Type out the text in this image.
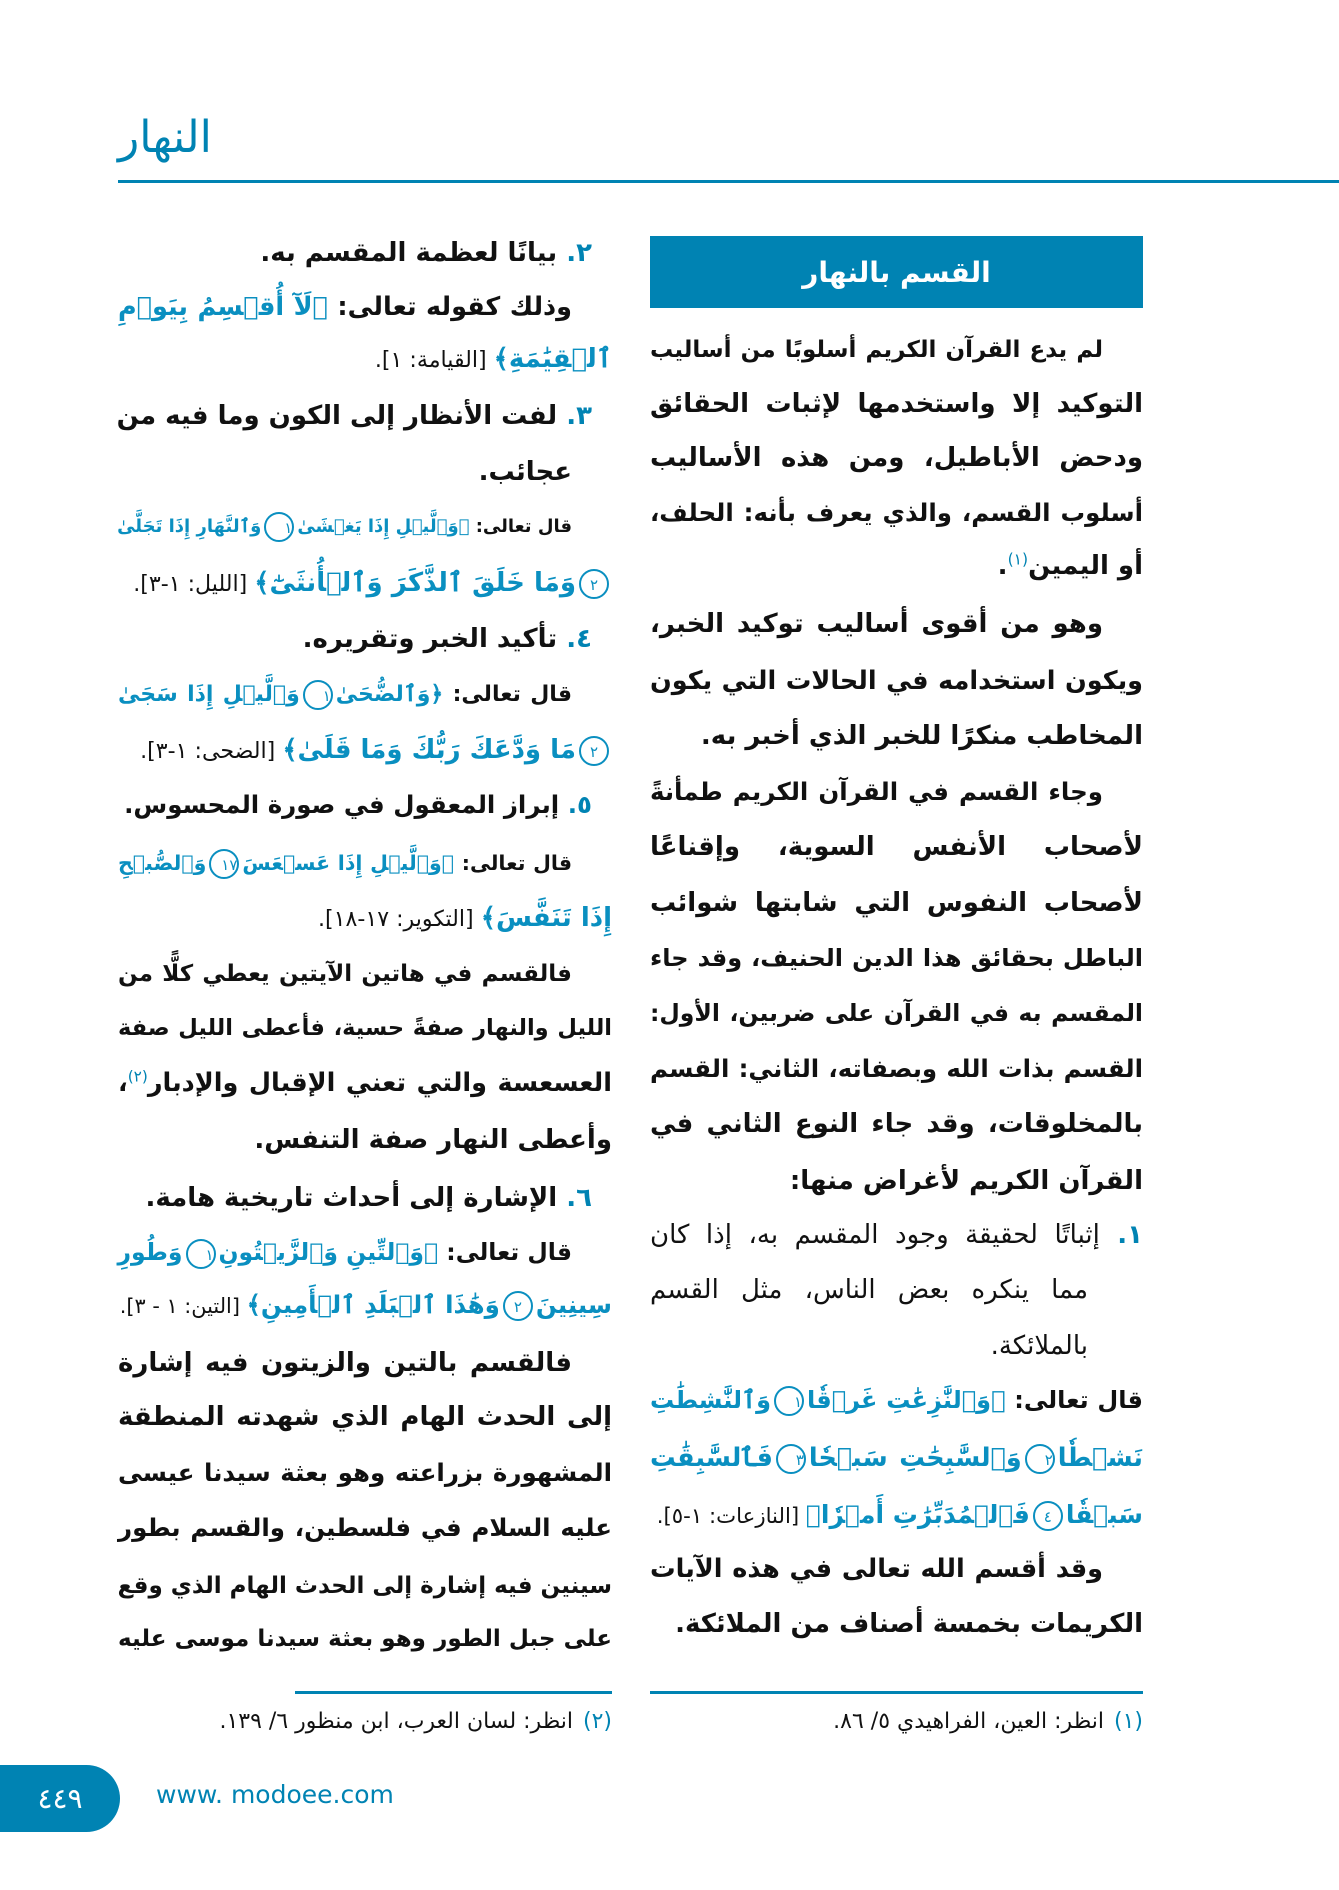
النهار
القسم بالنهار
لم يدع القرآن الكريم أسلوبًا من أساليب
التوكيد إلا واستخدمها لإثبات الحقائق
ودحض الأباطيل، ومن هذه الأساليب
أسلوب القسم، والذي يعرف بأنه: الحلف،
أو اليمين$^{(١)}$.
وهو من أقوى أساليب توكيد الخبر،
ويكون استخدامه في الحالات التي يكون
المخاطب منكرًا للخبر الذي أخبر به.
وجاء القسم في القرآن الكريم طمأنةً
لأصحاب الأنفس السوية، وإقناعًا
لأصحاب النفوس التي شابتها شوائب
الباطل بحقائق هذا الدين الحنيف، وقد جاء
المقسم به في القرآن على ضربين، الأول:
القسم بذات الله وبصفاته، الثاني: القسم
بالمخلوقات، وقد جاء النوع الثاني في
القرآن الكريم لأغراض منها:
١. إثباتًا لحقيقة وجود المقسم به، إذا كان
مما ينكره بعض الناس، مثل القسم
بالملائكة.
قال تعالى: ﴿وَٱلنَّٰزِعَٰتِ غَرۡقٗا١وَٱلنَّٰشِطَٰتِ
نَشۡطٗا٢وَٱلسَّٰبِحَٰتِ سَبۡحٗا٣فَٱلسَّٰبِقَٰتِ
سَبۡقٗا٤فَٱلۡمُدَبِّرَٰتِ أَمۡرٗا﴾ [النازعات: ١-٥].
وقد أقسم الله تعالى في هذه الآيات
الكريمات بخمسة أصناف من الملائكة.
٢. بيانًا لعظمة المقسم به.
وذلك كقوله تعالى: ﴿لَآ أُقۡسِمُ بِيَوۡمِ
ٱلۡقِيَٰمَةِ﴾ [القيامة: ١].
٣. لفت الأنظار إلى الكون وما فيه من
عجائب.
قال تعالى: ﴿وَٱلَّيۡلِ إِذَا يَغۡشَىٰ١وَٱلنَّهَارِ إِذَا تَجَلَّىٰ
٢وَمَا خَلَقَ ٱلذَّكَرَ وَٱلۡأُنثَىٰٓ﴾ [الليل: ١-٣].
٤. تأكيد الخبر وتقريره.
قال تعالى: ﴿وَٱلضُّحَىٰ١وَٱلَّيۡلِ إِذَا سَجَىٰ
٢مَا وَدَّعَكَ رَبُّكَ وَمَا قَلَىٰ﴾ [الضحى: ١-٣].
٥. إبراز المعقول في صورة المحسوس.
قال تعالى: ﴿وَٱلَّيۡلِ إِذَا عَسۡعَسَ١٧وَٱلصُّبۡحِ
إِذَا تَنَفَّسَ﴾ [التكوير: ١٧-١٨].
فالقسم في هاتين الآيتين يعطي كلًّا من
الليل والنهار صفةً حسية، فأعطى الليل صفة
العسعسة والتي تعني الإقبال والإدبار$^{(٢)}$،
وأعطى النهار صفة التنفس.
٦. الإشارة إلى أحداث تاريخية هامة.
قال تعالى: ﴿وَٱلتِّينِ وَٱلزَّيۡتُونِ١وَطُورِ
سِينِينَ٢وَهَٰذَا ٱلۡبَلَدِ ٱلۡأَمِينِ﴾ [التين: ١ - ٣].
فالقسم بالتين والزيتون فيه إشارة
إلى الحدث الهام الذي شهدته المنطقة
المشهورة بزراعته وهو بعثة سيدنا عيسى
عليه السلام في فلسطين، والقسم بطور
سينين فيه إشارة إلى الحدث الهام الذي وقع
على جبل الطور وهو بعثة سيدنا موسى عليه
(١)انظر: العين، الفراهيدي ٥/ ٨٦.
(٢)انظر: لسان العرب، ابن منظور ٦/ ١٣٩.
٤٤٩	www. modoee.com
